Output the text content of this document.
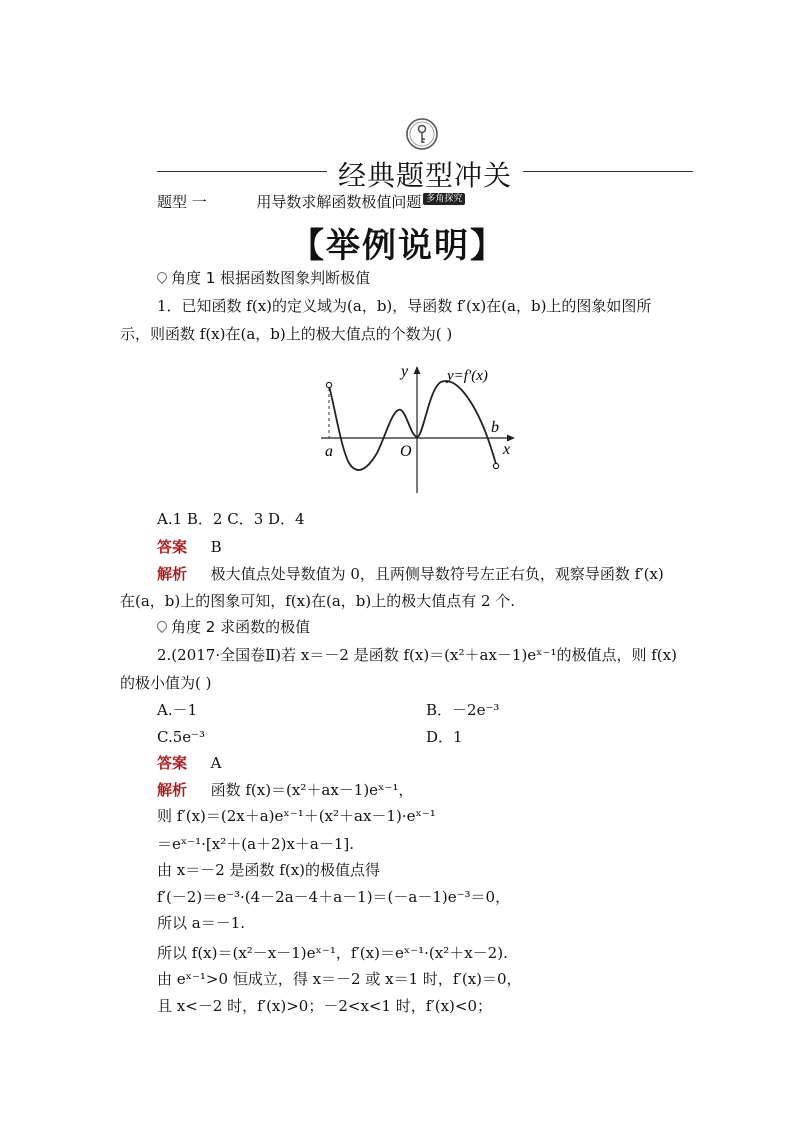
经典题型冲关
题型 一	用导数求解函数极值问题 多角探究
【举例说明】
角度 1 根据函数图象判断极值
1．已知函数 f(x)的定义域为(a，b)，导函数 f′(x)在(a，b)上的图象如图所
示，则函数 f(x)在(a，b)上的极大值点的个数为( )
y	y=f′(x)
b
a	O	x
A.1 B．2 C．3 D．4
答案 B
解析 极大值点处导数值为 0，且两侧导数符号左正右负，观察导函数 f′(x)
在(a，b)上的图象可知，f(x)在(a，b)上的极大值点有 2 个.
角度 2 求函数的极值
2.(2017·全国卷Ⅱ)若 x＝－2 是函数 f(x)＝(x²＋ax－1)eˣ⁻¹的极值点，则 f(x)
的极小值为( )
A.－1	B．－2e⁻³
C.5e⁻³	D．1
答案 A
解析 函数 f(x)＝(x²＋ax－1)eˣ⁻¹，
则 f′(x)＝(2x＋a)eˣ⁻¹＋(x²＋ax－1)·eˣ⁻¹
＝eˣ⁻¹·[x²＋(a＋2)x＋a－1].
由 x＝－2 是函数 f(x)的极值点得
f′(－2)＝e⁻³·(4－2a－4＋a－1)＝(－a－1)e⁻³＝0，
所以 a＝－1.
所以 f(x)＝(x²－x－1)eˣ⁻¹，f′(x)＝eˣ⁻¹·(x²＋x－2).
由 eˣ⁻¹>0 恒成立，得 x＝－2 或 x＝1 时，f′(x)＝0，
且 x<－2 时，f′(x)>0；－2<x<1 时，f′(x)<0；
